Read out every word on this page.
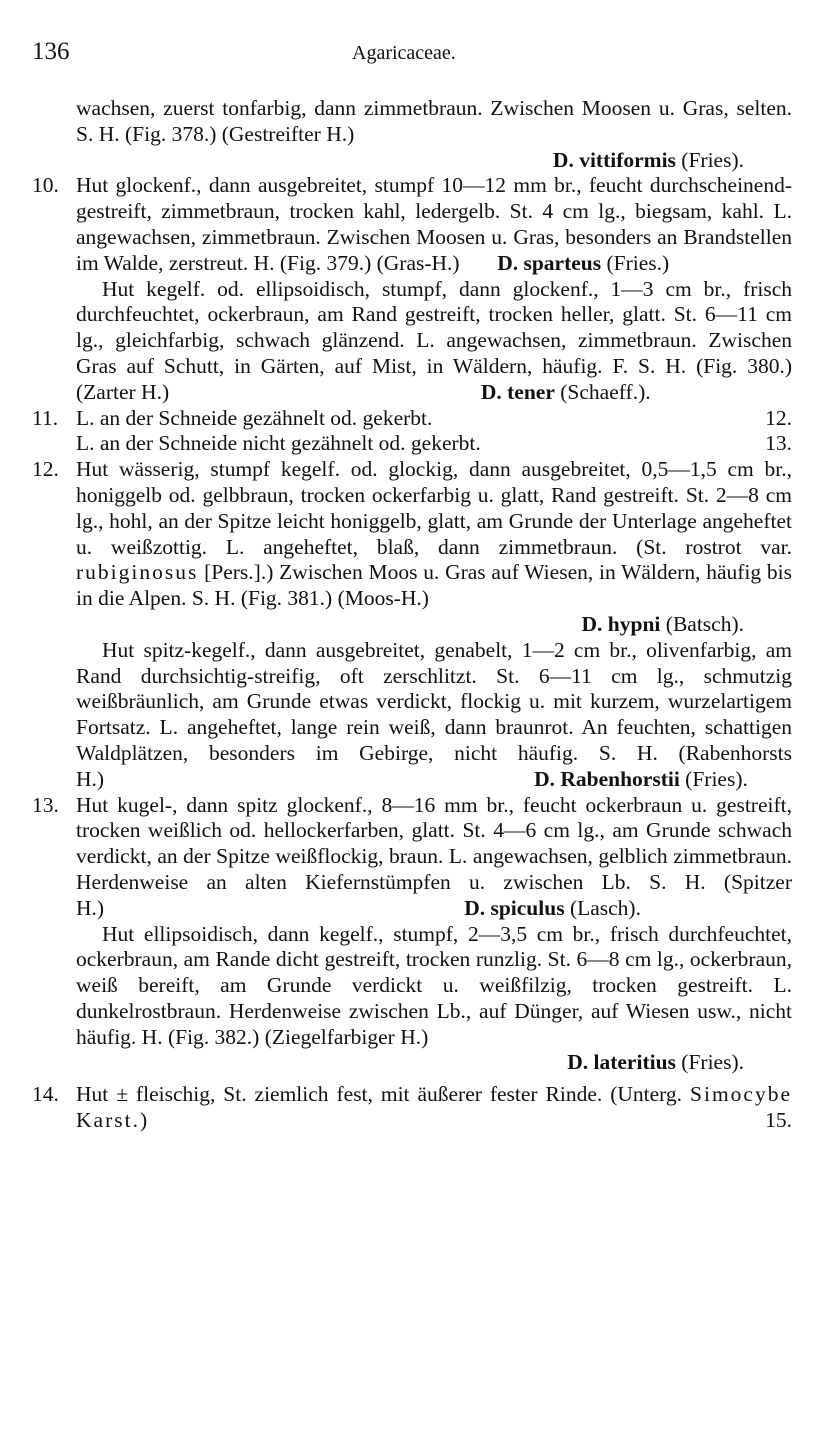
136	Agaricaceae.

wachsen, zuerst tonfarbig, dann zimmetbraun. Zwischen Moosen u. Gras, selten. S. H. (Fig. 378.) (Gestreifter H.)

D. vittiformis (Fries).

10. Hut glockenf., dann ausgebreitet, stumpf 10—12 mm br., feucht durchscheinend-gestreift, zimmetbraun, trocken kahl, ledergelb. St. 4 cm lg., biegsam, kahl. L. angewachsen, zimmetbraun. Zwischen Moosen u. Gras, besonders an Brandstellen im Walde, zerstreut. H. (Fig. 379.) (Gras-H.) D. sparteus (Fries.)

Hut kegelf. od. ellipsoidisch, stumpf, dann glockenf., 1—3 cm br., frisch durchfeuchtet, ockerbraun, am Rand gestreift, trocken heller, glatt. St. 6—11 cm lg., gleichfarbig, schwach glänzend. L. angewachsen, zimmetbraun. Zwischen Gras auf Schutt, in Gärten, auf Mist, in Wäldern, häufig. F. S. H. (Fig. 380.) (Zarter H.)	D. tener (Schaeff.).

11. L. an der Schneide gezähnelt od. gekerbt.	12.
L. an der Schneide nicht gezähnelt od. gekerbt.	13.
12. Hut wässerig, stumpf kegelf. od. glockig, dann ausgebreitet, 0,5—1,5 cm br., honiggelb od. gelbbraun, trocken ockerfarbig u. glatt, Rand gestreift. St. 2—8 cm lg., hohl, an der Spitze leicht honiggelb, glatt, am Grunde der Unterlage angeheftet u. weißzottig. L. angeheftet, blaß, dann zimmetbraun. (St. rostrot var. rubiginosus [Pers.].) Zwischen Moos u. Gras auf Wiesen, in Wäldern, häufig bis in die Alpen. S. H. (Fig. 381.) (Moos-H.)

D. hypni (Batsch).

Hut spitz-kegelf., dann ausgebreitet, genabelt, 1—2 cm br., olivenfarbig, am Rand durchsichtig-streifig, oft zerschlitzt. St. 6—11 cm lg., schmutzig weißbräunlich, am Grunde etwas verdickt, flockig u. mit kurzem, wurzelartigem Fortsatz. L. angeheftet, lange rein weiß, dann braunrot. An feuchten, schattigen Waldplätzen, besonders im Gebirge, nicht häufig. S. H. (Rabenhorsts H.)	D. Rabenhorstii (Fries).

13. Hut kugel-, dann spitz glockenf., 8—16 mm br., feucht ockerbraun u. gestreift, trocken weißlich od. hellockerfarben, glatt. St. 4—6 cm lg., am Grunde schwach verdickt, an der Spitze weißflockig, braun. L. angewachsen, gelblich zimmetbraun. Herdenweise an alten Kiefernstümpfen u. zwischen Lb. S. H. (Spitzer H.)	D. spiculus (Lasch).

Hut ellipsoidisch, dann kegelf., stumpf, 2—3,5 cm br., frisch durchfeuchtet, ockerbraun, am Rande dicht gestreift, trocken runzlig. St. 6—8 cm lg., ockerbraun, weiß bereift, am Grunde verdickt u. weißfilzig, trocken gestreift. L. dunkelrostbraun. Herdenweise zwischen Lb., auf Dünger, auf Wiesen usw., nicht häufig. H. (Fig. 382.) (Ziegelfarbiger H.)

D. lateritius (Fries).

14. Hut ± fleischig, St. ziemlich fest, mit äußerer fester Rinde. (Unterg. Simocybe Karst.)	15.
